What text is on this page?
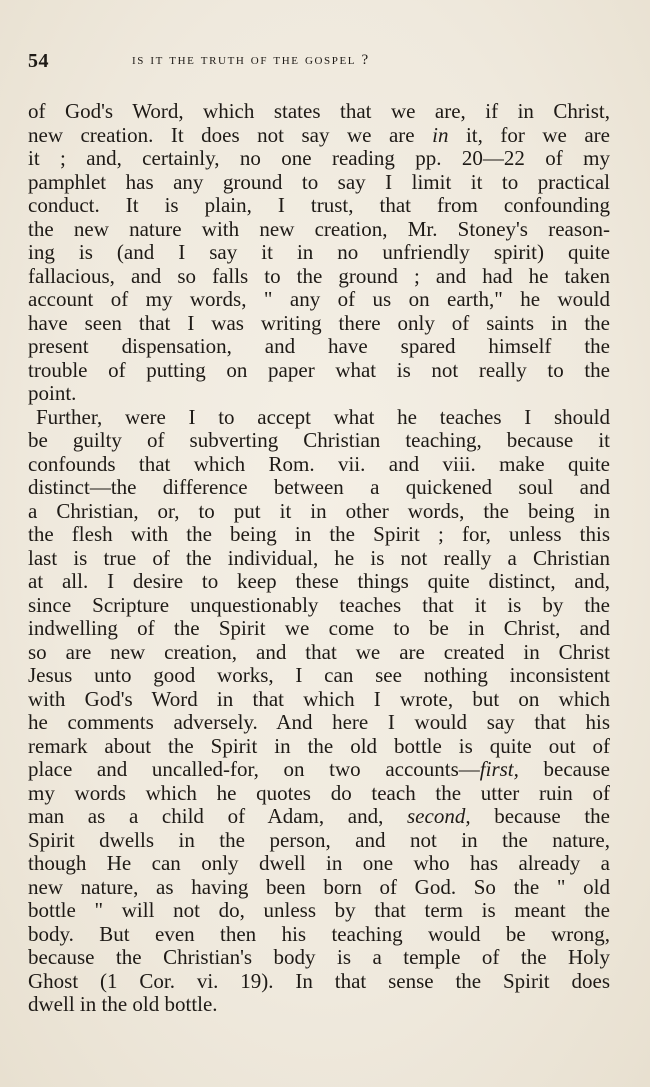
54	is it the truth of the gospel ?

of God's Word, which states that we are, if in Christ,

new creation. It does not say we are in it, for we are

it ; and, certainly, no one reading pp. 20—22 of my

pamphlet has any ground to say I limit it to practical

conduct. It is plain, I trust, that from confounding

the new nature with new creation, Mr. Stoney's reason-

ing is (and I say it in no unfriendly spirit) quite

fallacious, and so falls to the ground ; and had he taken

account of my words, " any of us on earth," he would

have seen that I was writing there only of saints in the

present dispensation, and have spared himself the

trouble of putting on paper what is not really to the

point.

Further, were I to accept what he teaches I should

be guilty of subverting Christian teaching, because it

confounds that which Rom. vii. and viii. make quite

distinct—the difference between a quickened soul and

a Christian, or, to put it in other words, the being in

the flesh with the being in the Spirit ; for, unless this

last is true of the individual, he is not really a Christian

at all. I desire to keep these things quite distinct, and,

since Scripture unquestionably teaches that it is by the

indwelling of the Spirit we come to be in Christ, and

so are new creation, and that we are created in Christ

Jesus unto good works, I can see nothing inconsistent

with God's Word in that which I wrote, but on which

he comments adversely. And here I would say that his

remark about the Spirit in the old bottle is quite out of

place and uncalled-for, on two accounts—first, because

my words which he quotes do teach the utter ruin of

man as a child of Adam, and, second, because the

Spirit dwells in the person, and not in the nature,

though He can only dwell in one who has already a

new nature, as having been born of God. So the " old

bottle " will not do, unless by that term is meant the

body. But even then his teaching would be wrong,

because the Christian's body is a temple of the Holy

Ghost (1 Cor. vi. 19). In that sense the Spirit does

dwell in the old bottle.
